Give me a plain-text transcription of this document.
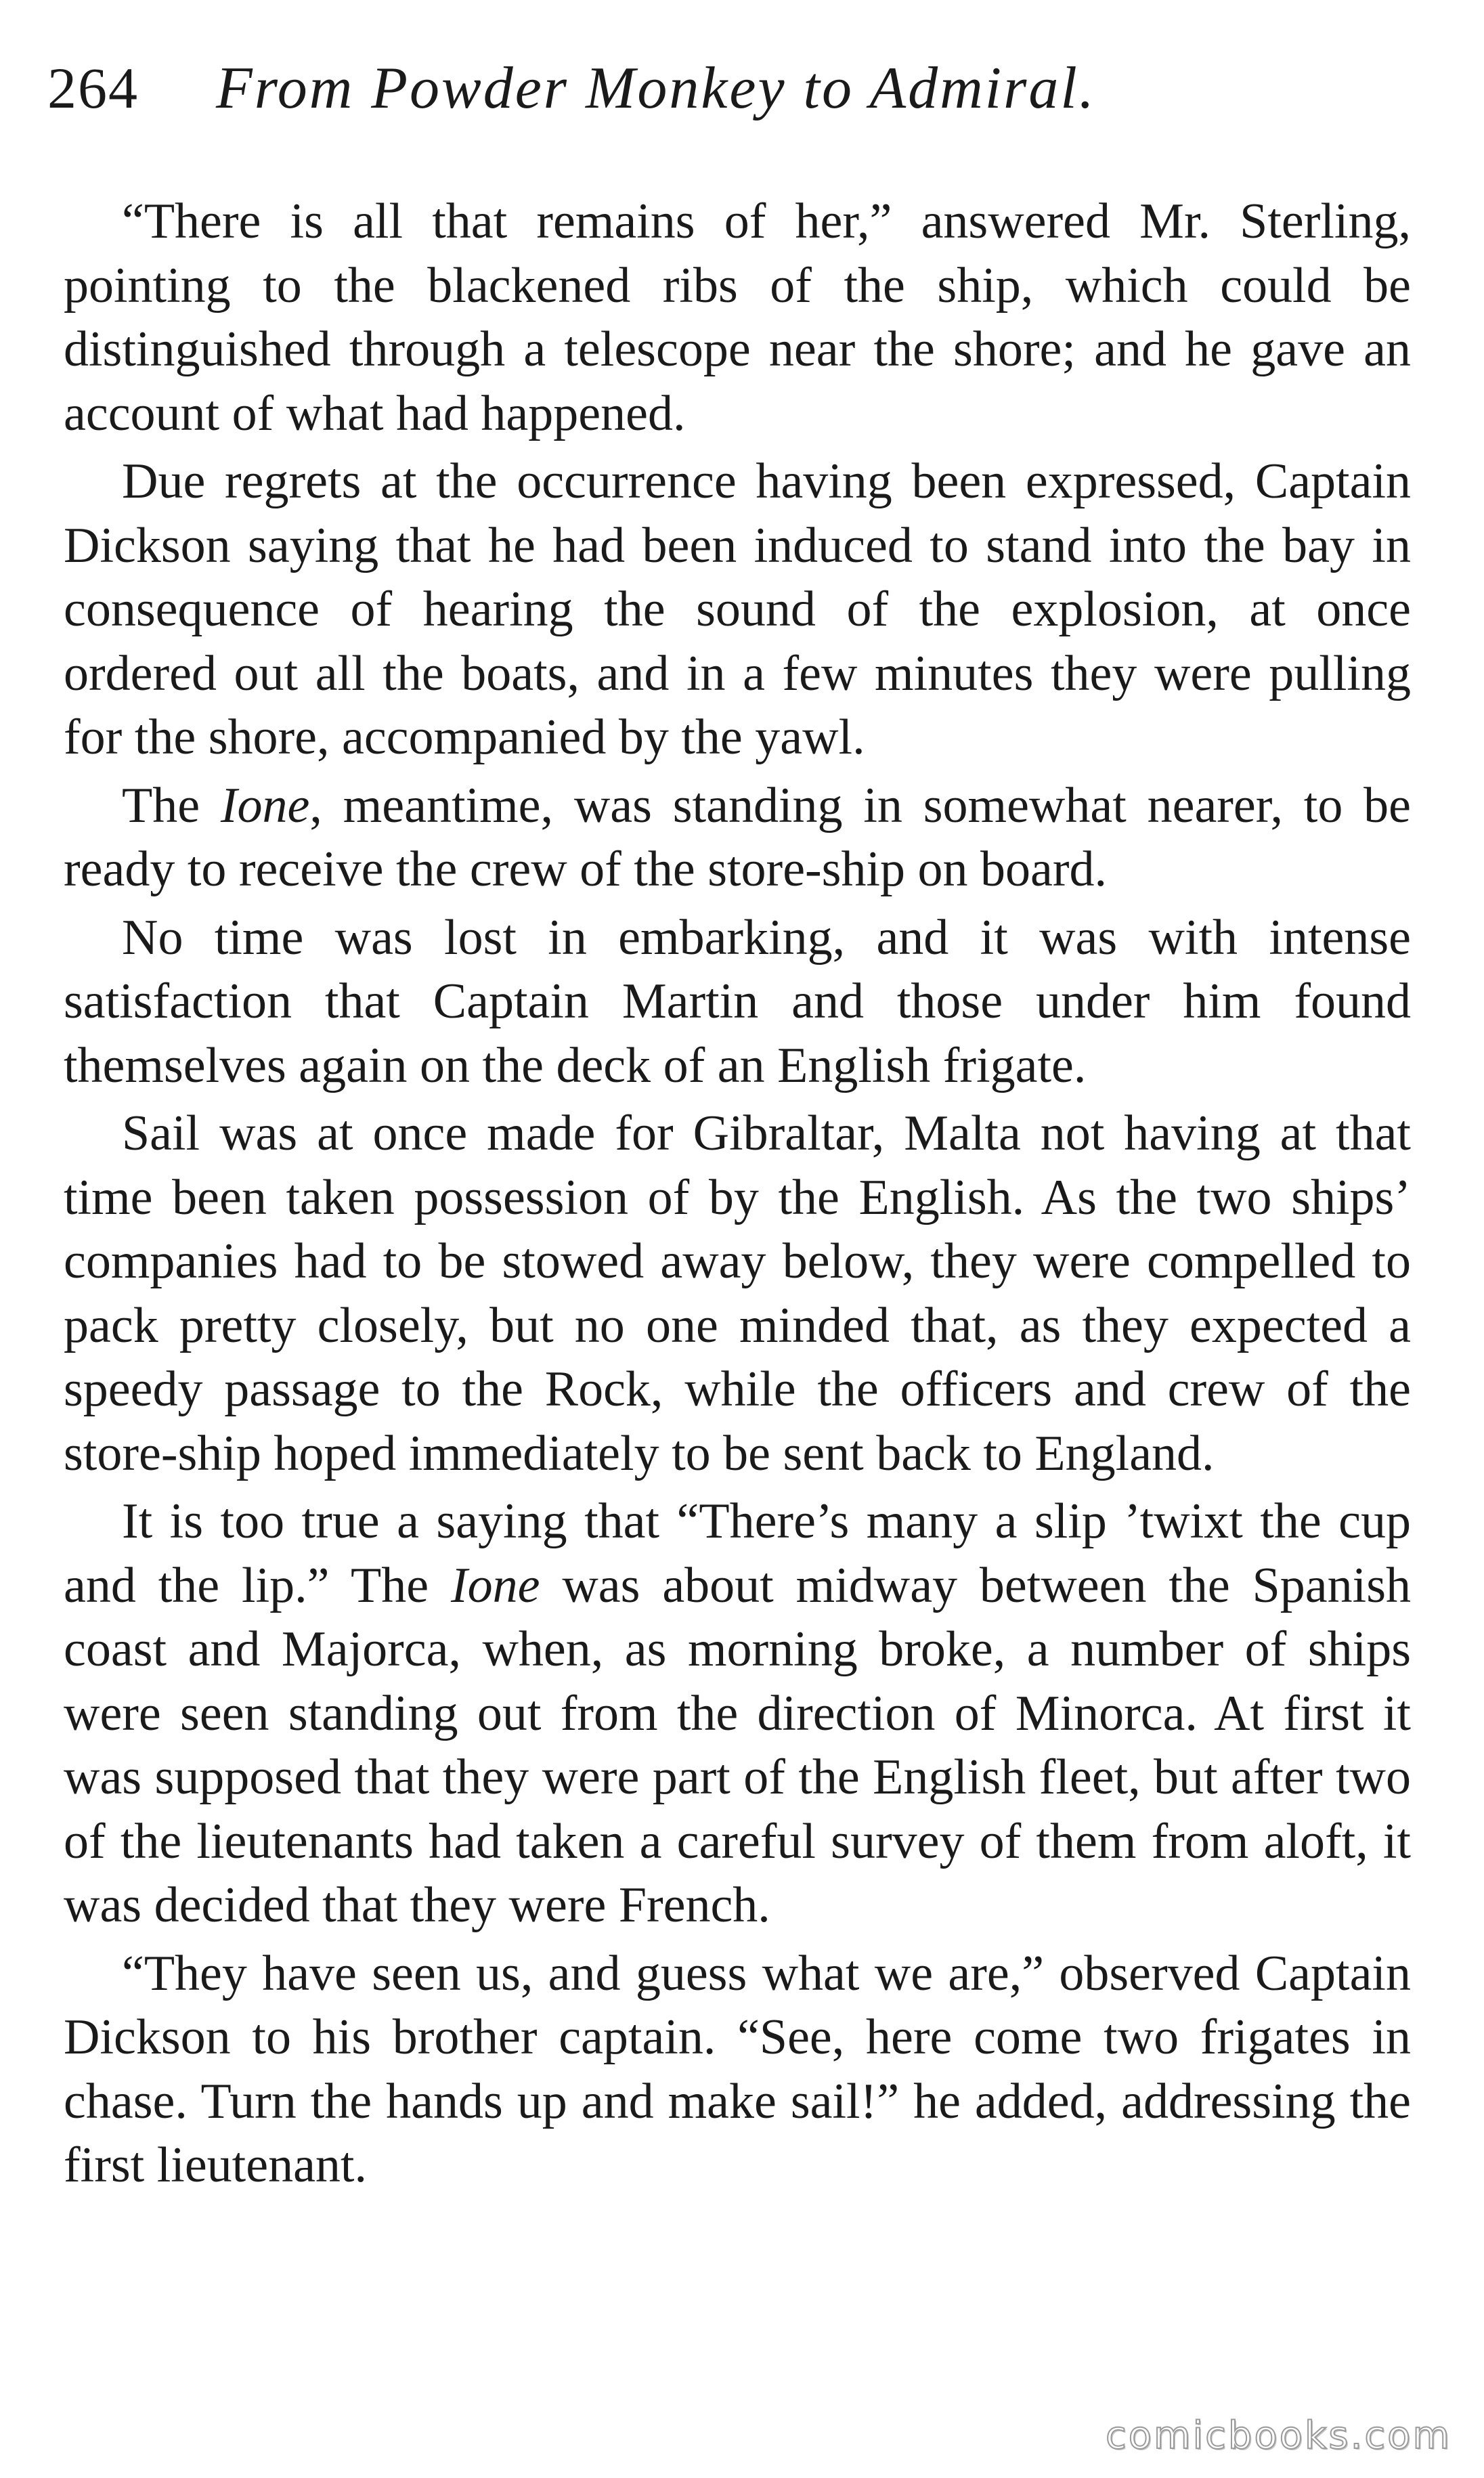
264 From Powder Monkey to Admiral.

“There is all that remains of her,” answered Mr. Sterling, pointing to the blackened ribs of the ship, which could be distinguished through a telescope near the shore; and he gave an account of what had happened.

Due regrets at the occurrence having been expressed, Captain Dickson saying that he had been induced to stand into the bay in consequence of hearing the sound of the explosion, at once ordered out all the boats, and in a few minutes they were pulling for the shore, accompanied by the yawl.

The Ione, meantime, was standing in somewhat nearer, to be ready to receive the crew of the store-ship on board.

No time was lost in embarking, and it was with intense satisfaction that Captain Martin and those under him found themselves again on the deck of an English frigate.

Sail was at once made for Gibraltar, Malta not having at that time been taken possession of by the English. As the two ships’ companies had to be stowed away below, they were compelled to pack pretty closely, but no one minded that, as they expected a speedy passage to the Rock, while the officers and crew of the store-ship hoped immediately to be sent back to England.

It is too true a saying that “There’s many a slip ’twixt the cup and the lip.” The Ione was about midway between the Spanish coast and Majorca, when, as morning broke, a number of ships were seen standing out from the direction of Minorca. At first it was supposed that they were part of the English fleet, but after two of the lieutenants had taken a careful survey of them from aloft, it was decided that they were French.

“They have seen us, and guess what we are,” observed Captain Dickson to his brother captain. “See, here come two frigates in chase. Turn the hands up and make sail!” he added, addressing the first lieutenant.

comicbooks.com
